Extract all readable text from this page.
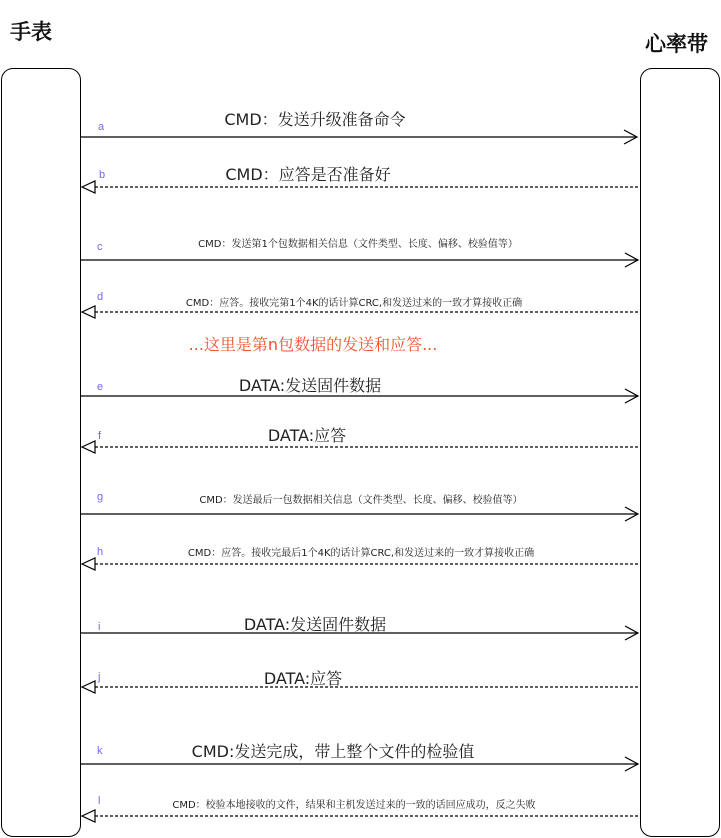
手表	心率带
a
b
c
d
e
f
g
h
i
j
k
l
CMD：发送升级准备命令
CMD：应答是否准备好
CMD：发送第1个包数据相关信息（文件类型、长度、偏移、校验值等）
CMD：应答。接收完第1个4K的话计算CRC,和发送过来的一致才算接收正确
DATA:发送固件数据
DATA:应答
CMD：发送最后一包数据相关信息（文件类型、长度、偏移、校验值等）
CMD：应答。接收完最后1个4K的话计算CRC,和发送过来的一致才算接收正确
DATA:发送固件数据
DATA:应答
CMD:发送完成，带上整个文件的检验值
CMD：校验本地接收的文件，结果和主机发送过来的一致的话回应成功，反之失败
...这里是第n包数据的发送和应答...
